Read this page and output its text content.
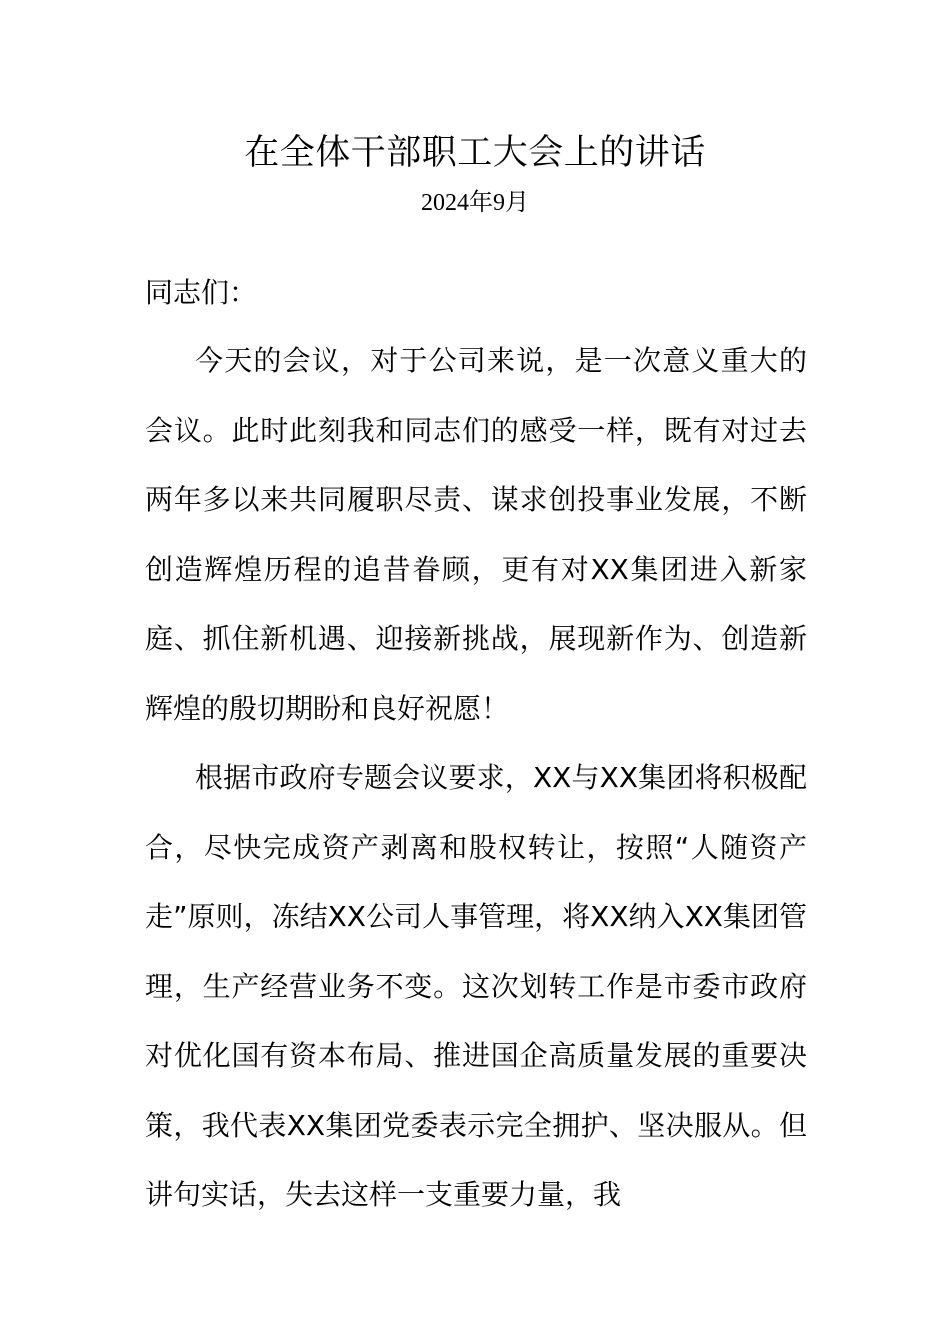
在全体干部职工大会上的讲话
2024年9月
同志们：

今天的会议，对于公司来说，是一次意义重大的会议。此时此刻我和同志们的感受一样，既有对过去两年多以来共同履职尽责、谋求创投事业发展，不断创造辉煌历程的追昔眷顾，更有对XX集团进入新家庭、抓住新机遇、迎接新挑战，展现新作为、创造新辉煌的殷切期盼和良好祝愿！

根据市政府专题会议要求，XX与XX集团将积极配合，尽快完成资产剥离和股权转让，按照“人随资产走”原则，冻结XX公司人事管理，将XX纳入XX集团管理，生产经营业务不变。这次划转工作是市委市政府对优化国有资本布局、推进国企高质量发展的重要决策，我代表XX集团党委表示完全拥护、坚决服从。但讲句实话，失去这样一支重要力量，我
